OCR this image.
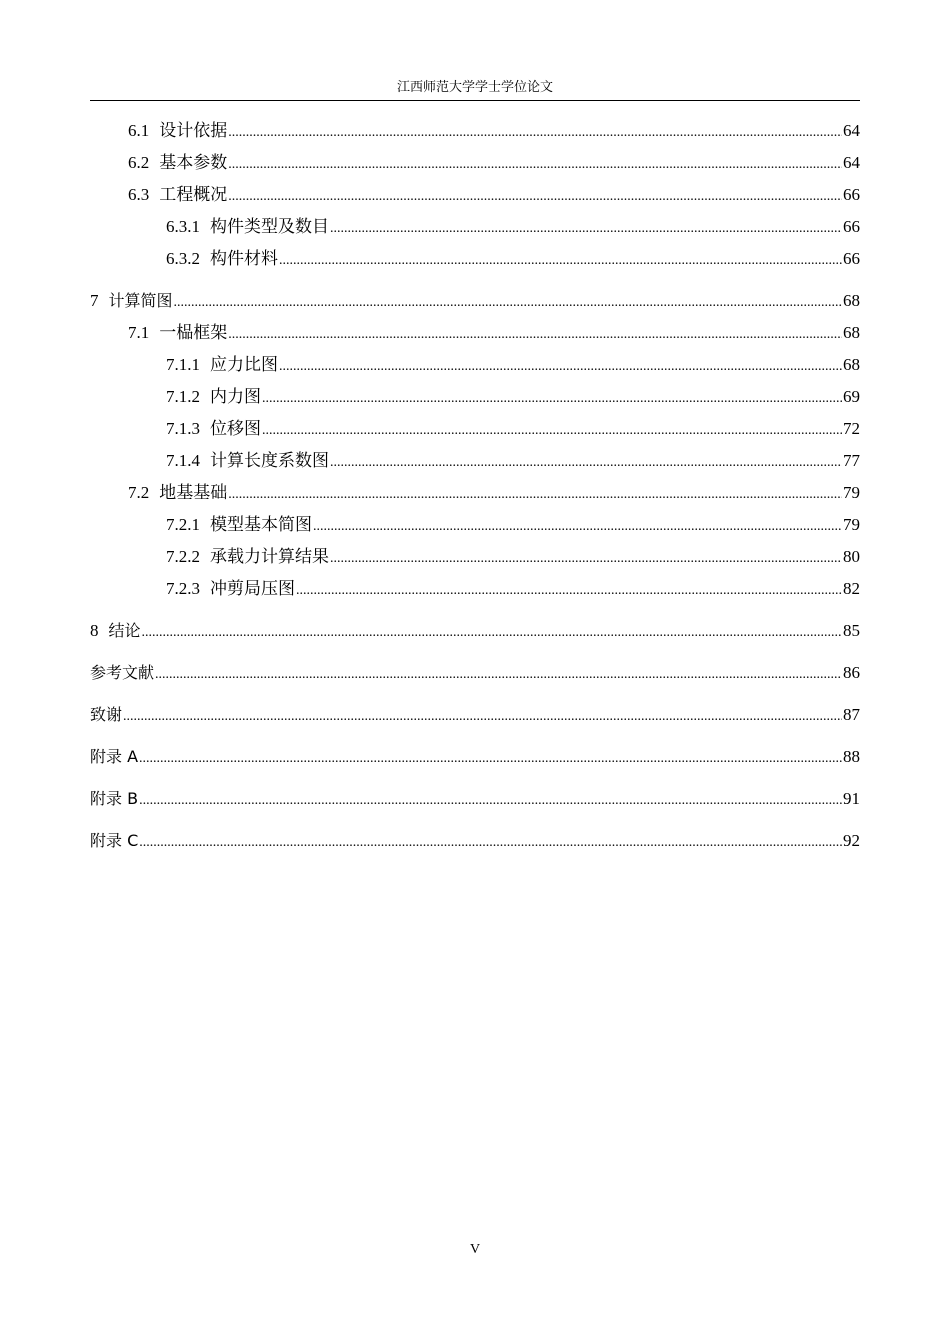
江西师范大学学士学位论文
6.1 设计依据 .....	64
6.2 基本参数 .....	64
6.3 工程概况 .....	66
6.3.1 构件类型及数目 .....	66
6.3.2 构件材料 .....	66
7 计算简图 .....	68
7.1 一榀框架 .....	68
7.1.1 应力比图 .....	68
7.1.2 内力图 .....	69
7.1.3 位移图 .....	72
7.1.4 计算长度系数图 .....	77
7.2 地基基础 .....	79
7.2.1 模型基本简图 .....	79
7.2.2 承载力计算结果 .....	80
7.2.3 冲剪局压图 .....	82
8 结论 .....	85
参考文献 .....	86
致谢 .....	87
附录 A .....	88
附录 B .....	91
附录 C .....	92
V
